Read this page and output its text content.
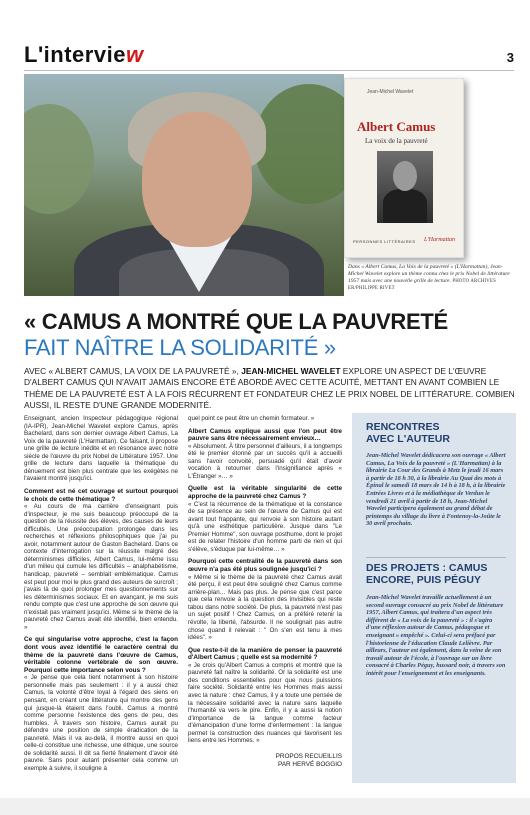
L'interview	3
Jean-Michel Wavelet
Albert Camus
La voix de la pauvreté
PERSONNES LITTÉRAIRES L'Harmattan
Dans « Albert Camus, La Voix de la pauvreté » (L'Harmattan), Jean-Michel Wavelet explore un thème connu chez le prix Nobel de littérature 1957 mais avec une nouvelle grille de lecture. PHOTO ARCHIVES ER/PHILIPPE RIVET
« CAMUS A MONTRÉ QUE LA PAUVRETÉ
FAIT NAÎTRE LA SOLIDARITÉ »
AVEC « ALBERT CAMUS, LA VOIX DE LA PAUVRETÉ », JEAN-MICHEL WAVELET EXPLORE UN ASPECT DE L'ŒUVRE D'ALBERT CAMUS QUI N'AVAIT JAMAIS ENCORE ÉTÉ ABORDÉ AVEC CETTE ACUITÉ, METTANT EN AVANT COMBIEN LE THÈME DE LA PAUVRETÉ EST À LA FOIS RÉCURRENT ET FONDATEUR CHEZ LE PRIX NOBEL DE LITTÉRATURE. COMBIEN AUSSI, IL RESTE D'UNE GRANDE MODERNITÉ.

Enseignant, ancien Inspecteur pédagogique régional (IA-IPR), Jean-Michel Wavelet explore Camus, après Bachelard, dans son dernier ouvrage Albert Camus, La Voix de la pauvreté (L'Harmattan). Ce faisant, il propose une grille de lecture inédite et en résonance avec notre siècle de l'œuvre du prix Nobel de Littérature 1957. Une grille de lecture dans laquelle la thématique du dénuement est bien plus centrale que les exégètes ne l'avaient montré jusqu'ici.

Comment est né cet ouvrage et surtout pourquoi le choix de cette thématique ?

« Au cours de ma carrière d'enseignant puis d'inspecteur, je me suis beaucoup préoccupé de la question de la réussite des élèves, des causes de leurs difficultés. Une préoccupation prolongée dans les recherches et réflexions philosophiques que j'ai pu avoir, notamment autour de Gaston Bachelard. Dans ce contexte d'interrogation sur la réussite malgré des déterminismes difficiles, Albert Camus, lui-même issu d'un milieu qui cumule les difficultés – analphabétisme, handicap, pauvreté – semblait emblématique. Camus est peut pour moi le plus grand des auteurs de surcroît ; j'avais là de quoi prolonger mes questionnements sur les déterminismes sociaux. Et en avançant, je me suis rendu compte que c'est une approche de son œuvre qui n'existait pas vraiment jusqu'ici. Même si le thème de la pauvreté chez Camus avait été identifié, bien entendu. »

Ce qui singularise votre approche, c'est la façon dont vous avez identifié le caractère central du thème de la pauvreté dans l'œuvre de Camus, véritable colonne vertébrale de son œuvre. Pourquoi cette importance selon vous ?

« Je pense que cela tient notamment à son histoire personnelle mais pas seulement : il y a aussi chez Camus, la volonté d'être loyal à l'égard des siens en pensant, en créant une littérature qui montre des gens qui jusque-là étaient dans l'oubli. Camus a montré comme personne l'existence des gens de peu, des humbles. À travers son histoire, Camus aurait pu défendre une position de simple éradication de la pauvreté. Mais il va au-delà, il montre aussi en quoi celle-ci constitue une richesse, une éthique, une source de solidarité aussi. Il dit sa fierté finalement d'avoir été pauvre. Sans pour autant présenter cela comme un exemple à suivre, il souligne à

quel point ce peut être un chemin formateur. »

Albert Camus explique aussi que l'on peut être pauvre sans être nécessairement envieux…

« Absolument. À titre personnel d'ailleurs, il a longtemps été le premier étonné par un succès qu'il a accueilli sans l'avoir convoité, persuadé qu'il était d'avoir vocation à retourner dans l'insignifiance après « L'Étranger »… »

Quelle est la véritable singularité de cette approche de la pauvreté chez Camus ?

« C'est la récurrence de la thématique et la constance de sa présence au sein de l'œuvre de Camus qui est avant tout frappante, qui renvoie à son histoire autant qu'à une esthétique particulière. Jusque dans "Le Premier Homme", son ouvrage posthume, dont le projet est de relater l'histoire d'un homme parti de rien et qui s'élève, s'éduque par lui-même… »

Pourquoi cette centralité de la pauvreté dans son œuvre n'a pas été plus soulignée jusqu'ici ?

« Même si le thème de la pauvreté chez Camus avait été perçu, il est peut être souligné chez Camus comme arrière-plan… Mais pas plus. Je pense que c'est parce que cela renvoie à la question des invisibles qui reste tabou dans notre société. De plus, la pauvreté n'est pas un sujet positif ! Chez Camus, on a préféré retenir la révolte, la liberté, l'absurde. Il ne soulignait pas autre chose quand il relevait : " On s'en est tenu à mes idées". »

Que reste-t-il de la manière de penser la pauvreté d'Albert Camus ; quelle est sa modernité ?

« Je crois qu'Albert Camus a compris et montré que la pauvreté fait naître la solidarité. Or la solidarité est une des conditions essentielles pour que nous puissions faire société. Solidarité entre les Hommes mais aussi avec la nature : chez Camus, il y a toute une pensée de la nécessaire solidarité avec la nature sans laquelle l'humanité va vers le pire. Enfin, il y a aussi la notion d'importance de la langue comme facteur d'émancipation d'une forme d'enfermement : la langue permet la construction des nuances qui favorisent les liens entre les Hommes. »

PROPOS RECUEILLIS
PAR HERVÉ BOGGIO
RENCONTRES
AVEC L'AUTEUR
Jean-Michel Wavelet dédicacera son ouvrage « Albert Camus, La Voix de la pauvreté » (L'Harmattan) à la librairie La Cour des Grands à Metz le jeudi 16 mars à partir de 18 h 30, à la librairie Au Quai des mots à Épinal le samedi 18 mars de 14 h à 18 h, à la librairie Entrées Livres et à la médiathèque de Verdun le vendredi 21 avril à partir de 18 h, Jean-Michel Wavelet participera également au grand débat de printemps du village du livre à Fontenoy-la-Joûte le 30 avril prochain.
DES PROJETS : CAMUS
ENCORE, PUIS PÉGUY
Jean-Michel Wavelet travaille actuellement à un second ouvrage consacré au prix Nobel de littérature 1957, Albert Camus, qui traitera d'un aspect très différent de « La voix de la pauvreté » : il s'agira d'une réflexion autour de Camus, pédagogue et enseignant « empêché ». Celui-ci sera préfacé par l'historienne de l'éducation Claude Lelièvre. Par ailleurs, l'auteur est également, dans la veine de son travail autour de l'école, à l'ouvrage sur un livre consacré à Charles Péguy, hussard noir, à travers son intérêt pour l'enseignement et les enseignants.
